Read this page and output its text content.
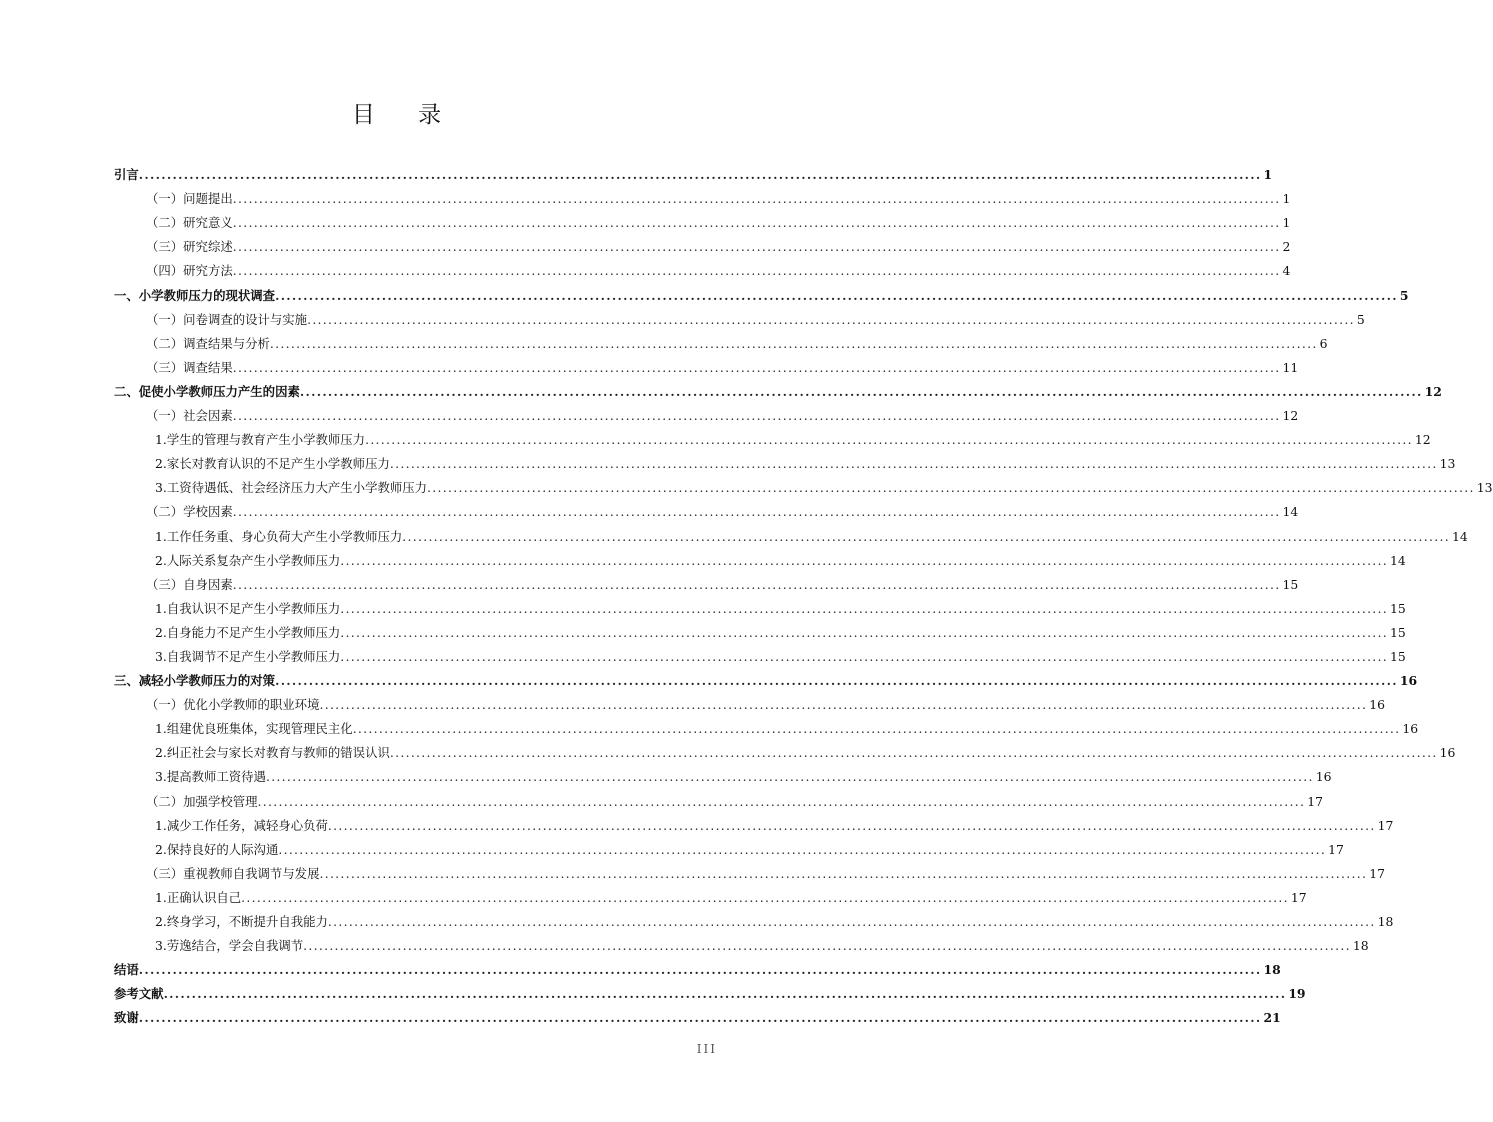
目 录
引言 ........................................................................................................................................................................................................ 1
（一）问题提出 ........................................................................................................................................................................................................ 1
（二）研究意义 ........................................................................................................................................................................................................ 1
（三）研究综述 ........................................................................................................................................................................................................ 2
（四）研究方法 ........................................................................................................................................................................................................ 4
一、小学教师压力的现状调查 ........................................................................................................................................................................................................ 5
（一）问卷调查的设计与实施 ........................................................................................................................................................................................................ 5
（二）调查结果与分析 ........................................................................................................................................................................................................ 6
（三）调查结果 ........................................................................................................................................................................................................ 11
二、促使小学教师压力产生的因素 ........................................................................................................................................................................................................ 12
（一）社会因素 ........................................................................................................................................................................................................ 12
1.学生的管理与教育产生小学教师压力 ........................................................................................................................................................................................................ 12
2.家长对教育认识的不足产生小学教师压力 ........................................................................................................................................................................................................ 13
3.工资待遇低、社会经济压力大产生小学教师压力 ........................................................................................................................................................................................................ 13
（二）学校因素 ........................................................................................................................................................................................................ 14
1.工作任务重、身心负荷大产生小学教师压力 ........................................................................................................................................................................................................ 14
2.人际关系复杂产生小学教师压力 ........................................................................................................................................................................................................ 14
（三）自身因素 ........................................................................................................................................................................................................ 15
1.自我认识不足产生小学教师压力 ........................................................................................................................................................................................................ 15
2.自身能力不足产生小学教师压力 ........................................................................................................................................................................................................ 15
3.自我调节不足产生小学教师压力 ........................................................................................................................................................................................................ 15
三、减轻小学教师压力的对策 ........................................................................................................................................................................................................ 16
（一）优化小学教师的职业环境 ........................................................................................................................................................................................................ 16
1.组建优良班集体，实现管理民主化 ........................................................................................................................................................................................................ 16
2.纠正社会与家长对教育与教师的错误认识 ........................................................................................................................................................................................................ 16
3.提高教师工资待遇 ........................................................................................................................................................................................................ 16
（二）加强学校管理 ........................................................................................................................................................................................................ 17
1.减少工作任务，减轻身心负荷 ........................................................................................................................................................................................................ 17
2.保持良好的人际沟通 ........................................................................................................................................................................................................ 17
（三）重视教师自我调节与发展 ........................................................................................................................................................................................................ 17
1.正确认识自己 ........................................................................................................................................................................................................ 17
2.终身学习，不断提升自我能力 ........................................................................................................................................................................................................ 18
3.劳逸结合，学会自我调节 ........................................................................................................................................................................................................ 18
结语 ........................................................................................................................................................................................................ 18
参考文献 ........................................................................................................................................................................................................ 19
致谢 ........................................................................................................................................................................................................ 21
III
